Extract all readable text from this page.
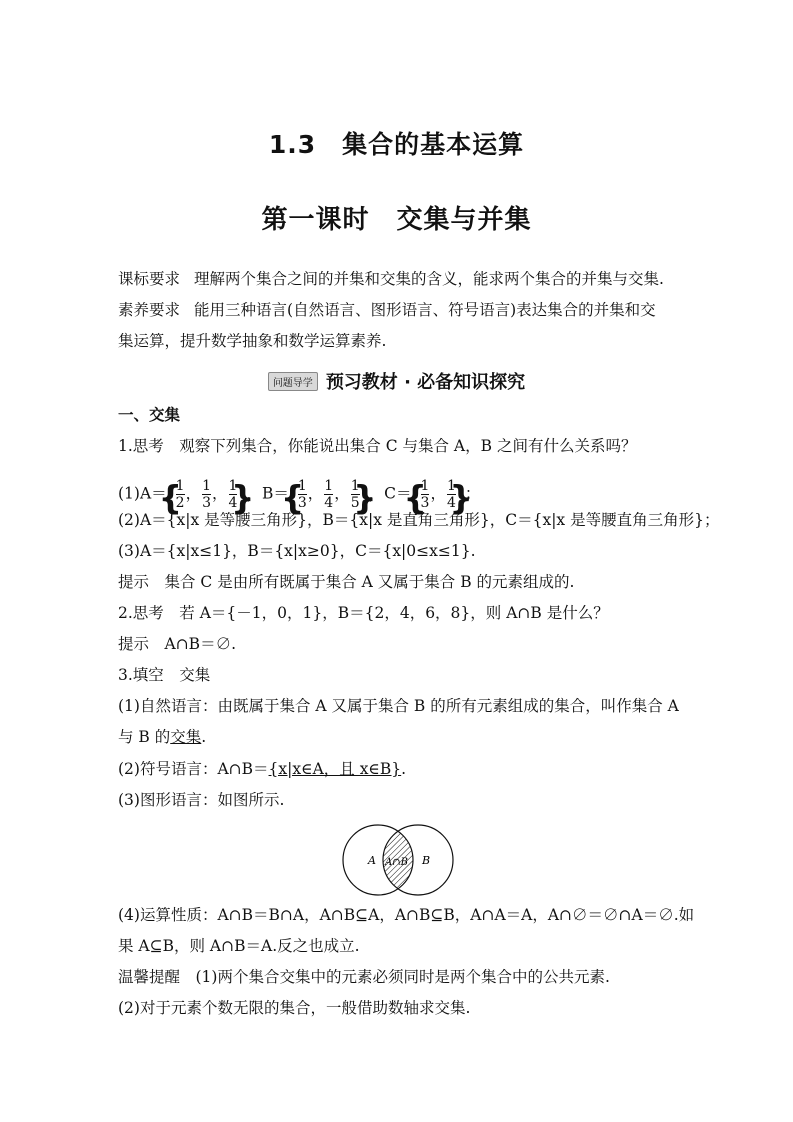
1.3　集合的基本运算
第一课时　交集与并集
课标要求 理解两个集合之间的并集和交集的含义，能求两个集合的并集与交集.
素养要求 能用三种语言(自然语言、图形语言、符号语言)表达集合的并集和交
集运算，提升数学抽象和数学运算素养.
问题导学 预习教材 · 必备知识探究
一、交集
1.思考　观察下列集合，你能说出集合 C 与集合 A，B 之间有什么关系吗？
(1)A＝ { $\frac{1}{2}$ ， $\frac{1}{3}$ ， $\frac{1}{4}$
} ，B＝ { $\frac{1}{3}$ ， $\frac{1}{4}$ ， $\frac{1}{5}$
} ，C＝ { $\frac{1}{3}$ ， $\frac{1}{4}$
} ；
(2)A＝{x|x 是等腰三角形}，B＝{x|x 是直角三角形}，C＝{x|x 是等腰直角三角形}；
(3)A＝{x|x≤1}，B＝{x|x≥0}，C＝{x|0≤x≤1}.
提示　集合 C 是由所有既属于集合 A 又属于集合 B 的元素组成的.
2.思考　若 A＝{－1，0，1}，B＝{2，4，6，8}，则 A∩B 是什么？
提示　A∩B＝∅.
3.填空　交集
(1)自然语言：由既属于集合 A 又属于集合 B 的所有元素组成的集合，叫作集合 A
与 B 的交集.
(2)符号语言：A∩B＝{x|x∈A，且 x∈B}.
(3)图形语言：如图所示.
A A∩B B
(4)运算性质：A∩B＝B∩A，A∩B⊆A，A∩B⊆B，A∩A＝A，A∩∅＝∅∩A＝∅.如
果 A⊆B，则 A∩B＝A.反之也成立.
温馨提醒　(1)两个集合交集中的元素必须同时是两个集合中的公共元素.
(2)对于元素个数无限的集合，一般借助数轴求交集.
